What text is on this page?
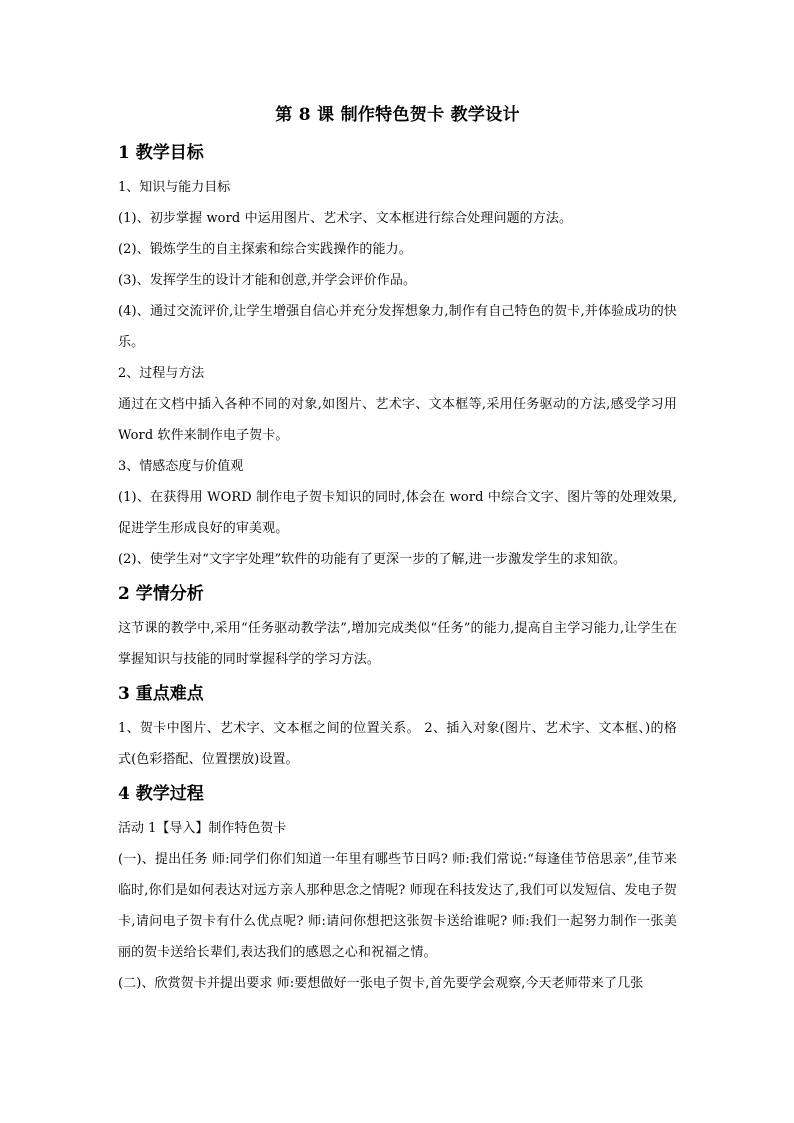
第 8 课 制作特色贺卡 教学设计
1 教学目标

1、知识与能力目标

(1)、初步掌握 word 中运用图片、艺术字、文本框进行综合处理问题的方法。

(2)、锻炼学生的自主探索和综合实践操作的能力。

(3)、发挥学生的设计才能和创意,并学会评价作品。

(4)、通过交流评价,让学生增强自信心并充分发挥想象力,制作有自己特色的贺卡,并体验成功的快乐。

2、过程与方法

通过在文档中插入各种不同的对象,如图片、艺术字、文本框等,采用任务驱动的方法,感受学习用 Word 软件来制作电子贺卡。

3、情感态度与价值观

(1)、在获得用 WORD 制作电子贺卡知识的同时,体会在 word 中综合文字、图片等的处理效果,促进学生形成良好的审美观。

(2)、使学生对“文字字处理”软件的功能有了更深一步的了解,进一步激发学生的求知欲。

2 学情分析

这节课的教学中,采用“任务驱动教学法”,增加完成类似“任务”的能力,提高自主学习能力,让学生在掌握知识与技能的同时掌握科学的学习方法。

3 重点难点

1、贺卡中图片、艺术字、文本框之间的位置关系。 2、插入对象(图片、艺术字、文本框、)的格式(色彩搭配、位置摆放)设置。

4 教学过程

活动 1【导入】制作特色贺卡

(一)、提出任务 师:同学们你们知道一年里有哪些节日吗? 师:我们常说:“每逢佳节倍思亲”,佳节来临时,你们是如何表达对远方亲人那种思念之情呢? 师现在科技发达了,我们可以发短信、发电子贺卡,请问电子贺卡有什么优点呢? 师:请问你想把这张贺卡送给谁呢? 师:我们一起努力制作一张美丽的贺卡送给长辈们,表达我们的感恩之心和祝福之情。

(二)、欣赏贺卡并提出要求 师:要想做好一张电子贺卡,首先要学会观察,今天老师带来了几张
